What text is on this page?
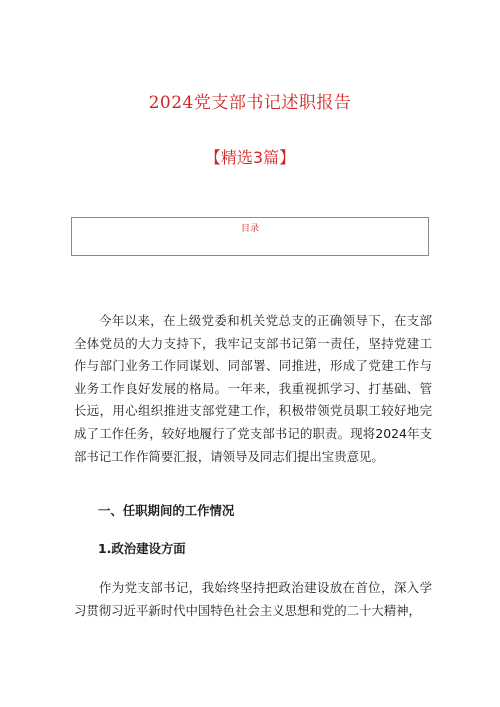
2024党支部书记述职报告
【精选3篇】
目录
今年以来，在上级党委和机关党总支的正确领导下，在支部全体党员的大力支持下，我牢记支部书记第一责任，坚持党建工作与部门业务工作同谋划、同部署、同推进，形成了党建工作与业务工作良好发展的格局。一年来，我重视抓学习、打基础、管长远，用心组织推进支部党建工作，积极带领党员职工较好地完成了工作任务，较好地履行了党支部书记的职责。现将2024年支部书记工作作简要汇报，请领导及同志们提出宝贵意见。
一、任职期间的工作情况
1.政治建设方面
作为党支部书记，我始终坚持把政治建设放在首位，深入学习贯彻习近平新时代中国特色社会主义思想和党的二十大精神，
